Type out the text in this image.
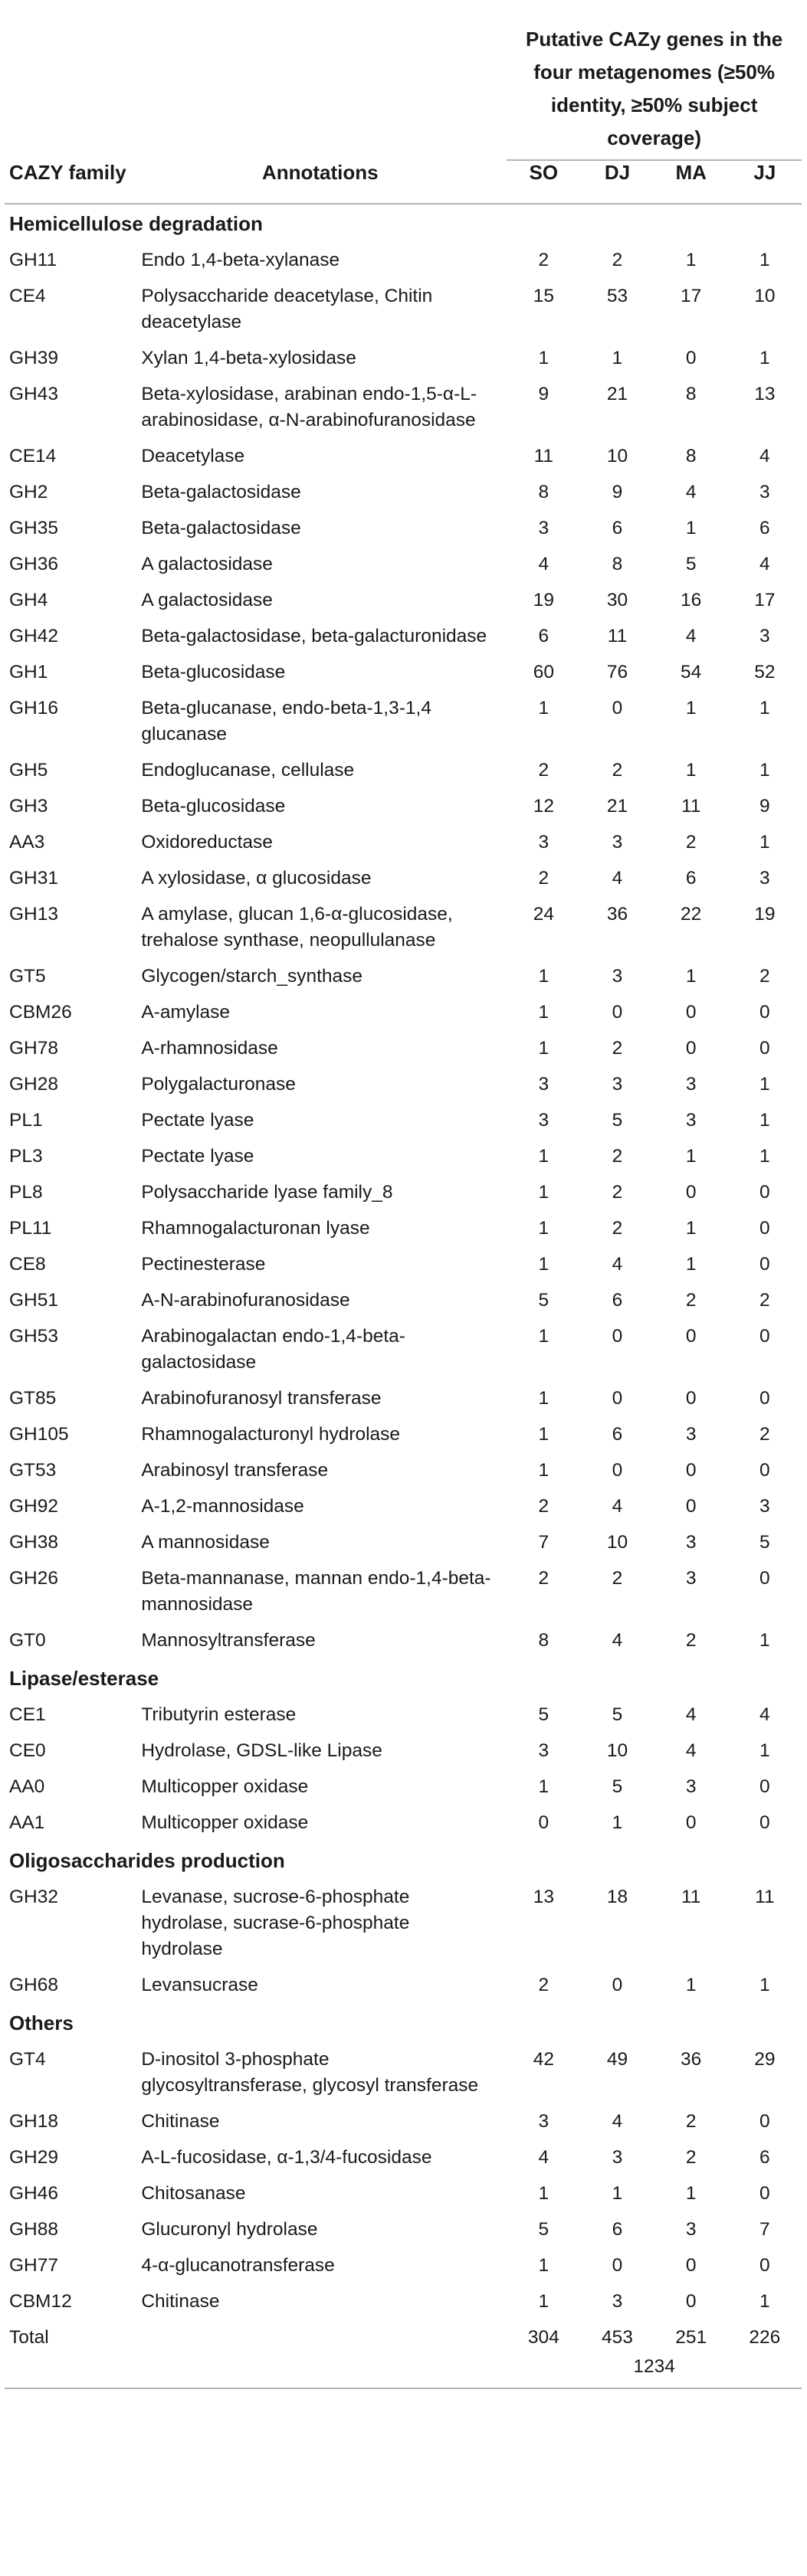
		Putative CAZy genes in the four metagenomes (≥50% identity, ≥50% subject coverage)			

CAZY family	Annotations	SO	DJ	MA	JJ

Hemicellulose degradation					
GH11	Endo 1,4-beta-xylanase	2	2	1	1
CE4	Polysaccharide deacetylase, Chitin deacetylase	15	53	17	10
GH39	Xylan 1,4-beta-xylosidase	1	1	0	1
GH43	Beta-xylosidase, arabinan endo-1,5-α-L-arabinosidase, α-N-arabinofuranosidase	9	21	8	13
CE14	Deacetylase	11	10	8	4
GH2	Beta-galactosidase	8	9	4	3
GH35	Beta-galactosidase	3	6	1	6
GH36	A galactosidase	4	8	5	4
GH4	A galactosidase	19	30	16	17
GH42	Beta-galactosidase, beta-galacturonidase	6	11	4	3
GH1	Beta-glucosidase	60	76	54	52
GH16	Beta-glucanase, endo-beta-1,3-1,4 glucanase	1	0	1	1
GH5	Endoglucanase, cellulase	2	2	1	1
GH3	Beta-glucosidase	12	21	11	9
AA3	Oxidoreductase	3	3	2	1
GH31	A xylosidase, α glucosidase	2	4	6	3
GH13	A amylase, glucan 1,6-α-glucosidase, trehalose synthase, neopullulanase	24	36	22	19
GT5	Glycogen/starch_synthase	1	3	1	2
CBM26	A-amylase	1	0	0	0
GH78	A-rhamnosidase	1	2	0	0
GH28	Polygalacturonase	3	3	3	1
PL1	Pectate lyase	3	5	3	1
PL3	Pectate lyase	1	2	1	1
PL8	Polysaccharide lyase family_8	1	2	0	0
PL11	Rhamnogalacturonan lyase	1	2	1	0
CE8	Pectinesterase	1	4	1	0
GH51	A-N-arabinofuranosidase	5	6	2	2
GH53	Arabinogalactan endo-1,4-beta-galactosidase	1	0	0	0
GT85	Arabinofuranosyl transferase	1	0	0	0
GH105	Rhamnogalacturonyl hydrolase	1	6	3	2
GT53	Arabinosyl transferase	1	0	0	0
GH92	A-1,2-mannosidase	2	4	0	3
GH38	A mannosidase	7	10	3	5
GH26	Beta-mannanase, mannan endo-1,4-beta-mannosidase	2	2	3	0
GT0	Mannosyltransferase	8	4	2	1
Lipase/esterase					
CE1	Tributyrin esterase	5	5	4	4
CE0	Hydrolase, GDSL-like Lipase	3	10	4	1
AA0	Multicopper oxidase	1	5	3	0
AA1	Multicopper oxidase	0	1	0	0
Oligosaccharides production					
GH32	Levanase, sucrose-6-phosphate hydrolase, sucrase-6-phosphate hydrolase	13	18	11	11
GH68	Levansucrase	2	0	1	1
Others					
GT4	D-inositol 3-phosphate glycosyltransferase, glycosyl transferase	42	49	36	29
GH18	Chitinase	3	4	2	0
GH29	A-L-fucosidase, α-1,3/4-fucosidase	4	3	2	6
GH46	Chitosanase	1	1	1	0
GH88	Glucuronyl hydrolase	5	6	3	7
GH77	4-α-glucanotransferase	1	0	0	0
CBM12	Chitinase	1	3	0	1
Total		304	453	251	226
		1234			
